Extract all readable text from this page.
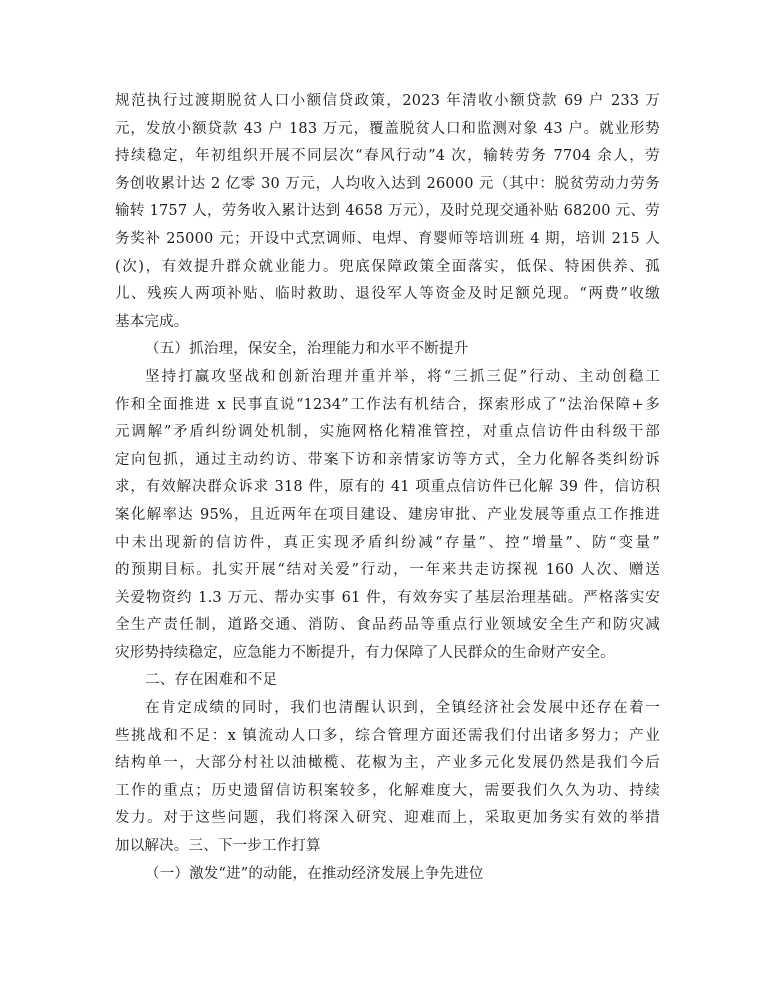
规范执行过渡期脱贫人口小额信贷政策，2023 年清收小额贷款 69 户 233 万
元，发放小额贷款 43 户 183 万元，覆盖脱贫人口和监测对象 43 户。就业形势
持续稳定，年初组织开展不同层次“春风行动”4 次，输转劳务 7704 余人，劳
务创收累计达 2 亿零 30 万元，人均收入达到 26000 元（其中：脱贫劳动力劳务
输转 1757 人，劳务收入累计达到 4658 万元），及时兑现交通补贴 68200 元、劳
务奖补 25000 元；开设中式烹调师、电焊、育婴师等培训班 4 期，培训 215 人
(次)，有效提升群众就业能力。兜底保障政策全面落实，低保、特困供养、孤
儿、残疾人两项补贴、临时救助、退役军人等资金及时足额兑现。“两费”收缴
基本完成。
（五）抓治理，保安全，治理能力和水平不断提升
坚持打赢攻坚战和创新治理并重并举，将“三抓三促”行动、主动创稳工
作和全面推进 x 民事直说“1234”工作法有机结合，探索形成了“法治保障+多
元调解”矛盾纠纷调处机制，实施网格化精准管控，对重点信访件由科级干部
定向包抓，通过主动约访、带案下访和亲情家访等方式，全力化解各类纠纷诉
求，有效解决群众诉求 318 件，原有的 41 项重点信访件已化解 39 件，信访积
案化解率达 95%，且近两年在项目建设、建房审批、产业发展等重点工作推进
中未出现新的信访件，真正实现矛盾纠纷减“存量”、控“增量”、防“变量”
的预期目标。扎实开展“结对关爱”行动，一年来共走访探视 160 人次、赠送
关爱物资约 1.3 万元、帮办实事 61 件，有效夯实了基层治理基础。严格落实安
全生产责任制，道路交通、消防、食品药品等重点行业领域安全生产和防灾减
灾形势持续稳定，应急能力不断提升，有力保障了人民群众的生命财产安全。
二、存在困难和不足
在肯定成绩的同时，我们也清醒认识到，全镇经济社会发展中还存在着一
些挑战和不足：x 镇流动人口多，综合管理方面还需我们付出诸多努力；产业
结构单一，大部分村社以油橄榄、花椒为主，产业多元化发展仍然是我们今后
工作的重点；历史遗留信访积案较多，化解难度大，需要我们久久为功、持续
发力。对于这些问题，我们将深入研究、迎难而上，采取更加务实有效的举措
加以解决。三、下一步工作打算
（一）激发“进”的动能，在推动经济发展上争先进位
